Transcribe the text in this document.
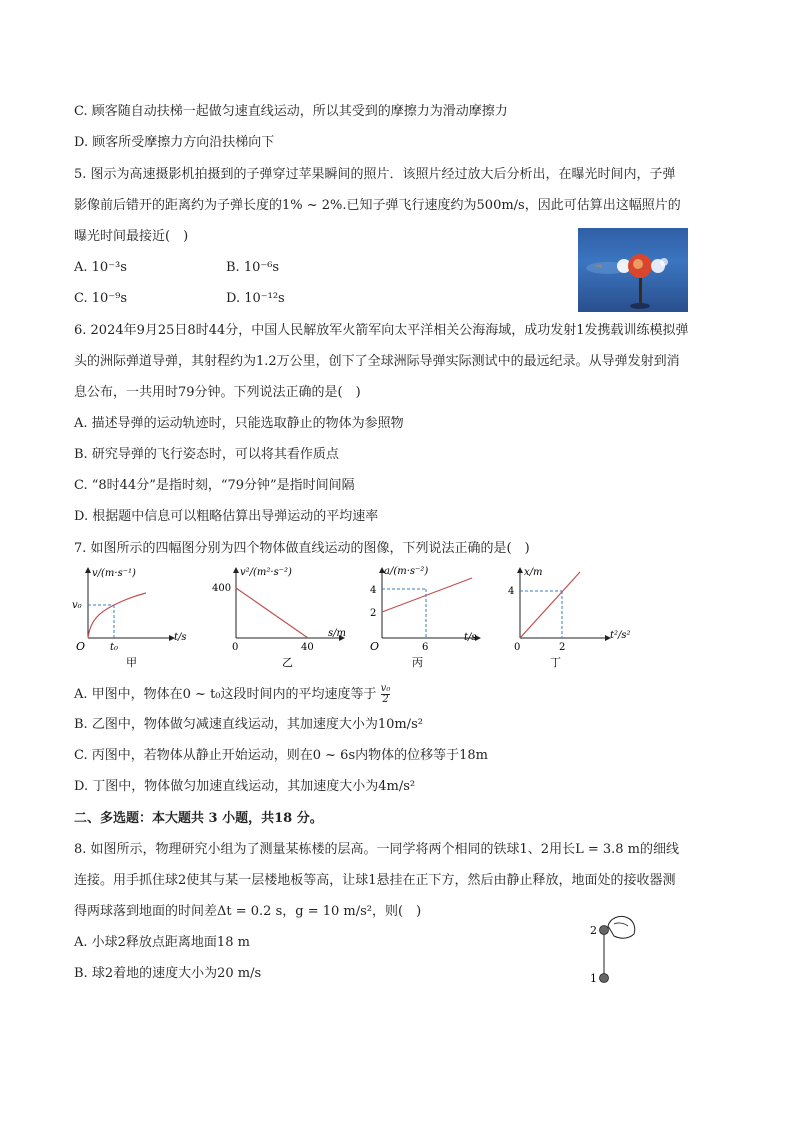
C. 顾客随自动扶梯一起做匀速直线运动，所以其受到的摩擦力为滑动摩擦力
D. 顾客所受摩擦力方向沿扶梯向下
5. 图示为高速摄影机拍摄到的子弹穿过苹果瞬间的照片．该照片经过放大后分析出，在曝光时间内，子弹
影像前后错开的距离约为子弹长度的1% ~ 2%.已知子弹飞行速度约为500m/s，因此可估算出这幅照片的
曝光时间最接近(　)
A. 10⁻³s	B. 10⁻⁶s
C. 10⁻⁹s	D. 10⁻¹²s
6. 2024年9月25日8时44分，中国人民解放军火箭军向太平洋相关公海海域，成功发射1发携载训练模拟弹
头的洲际弹道导弹，其射程约为1.2万公里，创下了全球洲际导弹实际测试中的最远纪录。从导弹发射到消
息公布，一共用时79分钟。下列说法正确的是(　)
A. 描述导弹的运动轨迹时，只能选取静止的物体为参照物
B. 研究导弹的飞行姿态时，可以将其看作质点
C. “8时44分”是指时刻，“79分钟”是指时间间隔
D. 根据题中信息可以粗略估算出导弹运动的平均速率
7. 如图所示的四幅图分别为四个物体做直线运动的图像，下列说法正确的是(　)
v/(m·s⁻¹)
t/s
v₀
t₀
O
甲
v²/(m²·s⁻²)
s/m
400
40
0
乙
a/(m·s⁻²)
t/s
4
2
6
O
丙
x/m
t²/s²
4
2
0
丁
A. 甲图中，物体在0 ~ t₀这段时间内的平均速度等于 $\frac{\text{v₀}}{2}$
B. 乙图中，物体做匀减速直线运动，其加速度大小为10m/s²
C. 丙图中，若物体从静止开始运动，则在0 ~ 6s内物体的位移等于18m
D. 丁图中，物体做匀加速直线运动，其加速度大小为4m/s²
二、多选题：本大题共 3 小题，共18 分。
8. 如图所示，物理研究小组为了测量某栋楼的层高。一同学将两个相同的铁球1、2用长L = 3.8 m的细线
连接。用手抓住球2使其与某一层楼地板等高，让球1悬挂在正下方，然后由静止释放，地面处的接收器测
得两球落到地面的时间差Δt = 0.2 s，g = 10 m/s²，则(　)
A. 小球2释放点距离地面18 m
B. 球2着地的速度大小为20 m/s
2
1
